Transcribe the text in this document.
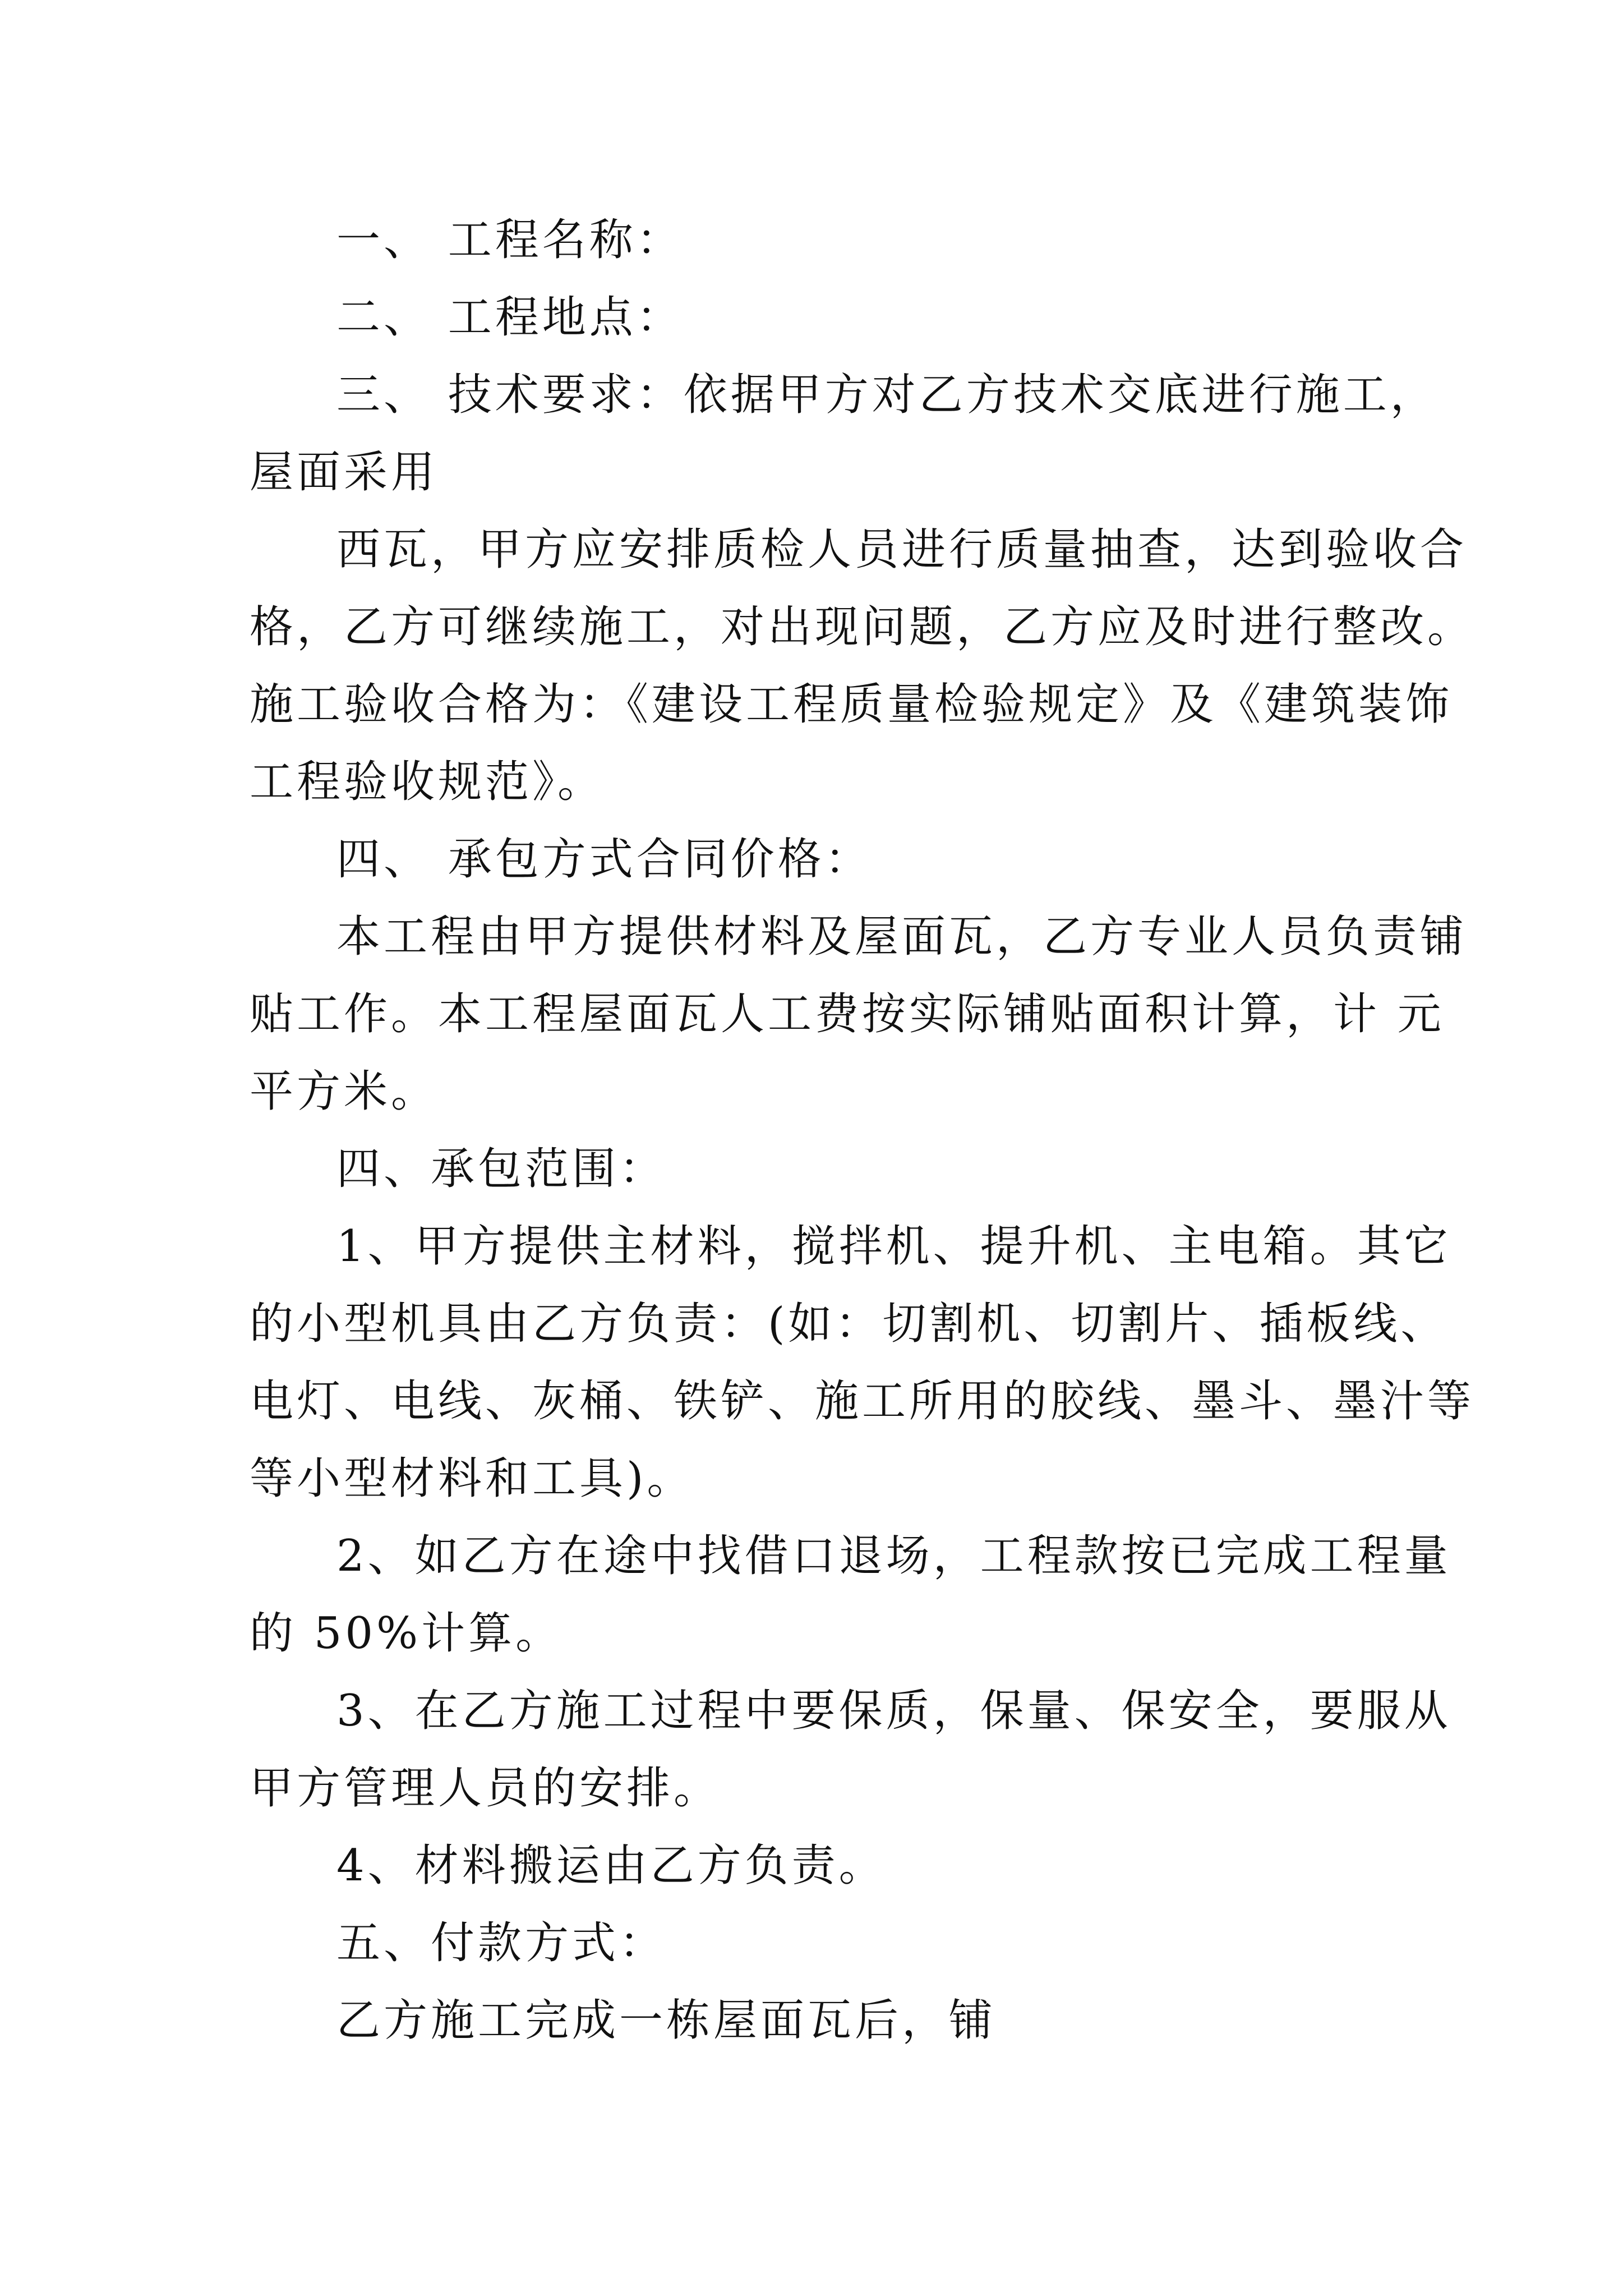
一、 工程名称：

二、 工程地点：

三、 技术要求：依据甲方对乙方技术交底进行施工，

屋面采用

西瓦，甲方应安排质检人员进行质量抽查，达到验收合

格，乙方可继续施工，对出现问题，乙方应及时进行整改。

施工验收合格为：《建设工程质量检验规定》及《建筑装饰

工程验收规范》。

四、 承包方式合同价格：

本工程由甲方提供材料及屋面瓦，乙方专业人员负责铺

贴工作。本工程屋面瓦人工费按实际铺贴面积计算，计 元

平方米。

四、承包范围：

1、甲方提供主材料，搅拌机、提升机、主电箱。其它

的小型机具由乙方负责：(如：切割机、切割片、插板线、

电灯、电线、灰桶、铁铲、施工所用的胶线、墨斗、墨汁等

等小型材料和工具)。

2、如乙方在途中找借口退场，工程款按已完成工程量

的 50%计算。

3、在乙方施工过程中要保质，保量、保安全，要服从

甲方管理人员的安排。

4、材料搬运由乙方负责。

五、付款方式：

乙方施工完成一栋屋面瓦后，铺
